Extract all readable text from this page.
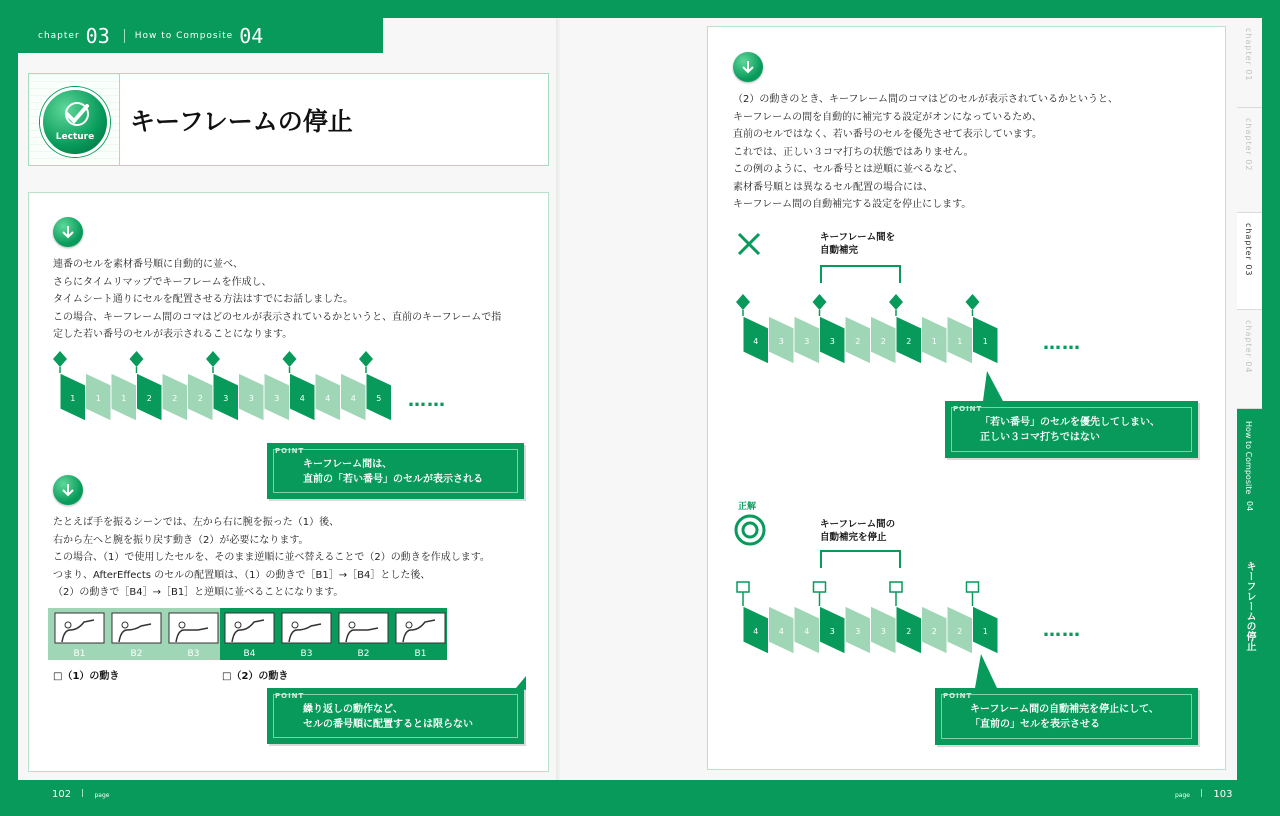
chapter 03	How to Composite 04
Lecture
キーフレームの停止
連番のセルを素材番号順に自動的に並べ、
さらにタイムリマップでキーフレームを作成し、
タイムシート通りにセルを配置させる方法はすでにお話しました。
この場合、キーフレーム間のコマはどのセルが表示されているかというと、直前のキーフレームで指
定した若い番号のセルが表示されることになります。
1	1	1	2	2	2	3	3	3	4	4	4	5 ……
POINT
キーフレーム間は、
直前の「若い番号」のセルが表示される
たとえば手を振るシーンでは、左から右に腕を振った（1）後、
右から左へと腕を振り戻す動き（2）が必要になります。
この場合、（1）で使用したセルを、そのまま逆順に並べ替えることで（2）の動きを作成します。
つまり、AfterEffects のセルの配置順は、（1）の動きで［B1］→［B4］とした後、
（2）の動きで［B4］→［B1］と逆順に並べることになります。
B1	B2	B3	B4	B3	B2	B1
□（1）の動き	□（2）の動き
POINT
繰り返しの動作など、
セルの番号順に配置するとは限らない
（2）の動きのとき、キーフレーム間のコマはどのセルが表示されているかというと、
キーフレームの間を自動的に補完する設定がオンになっているため、
直前のセルではなく、若い番号のセルを優先させて表示しています。
これでは、正しい３コマ打ちの状態ではありません。
この例のように、セル番号とは逆順に並べるなど、
素材番号順とは異なるセル配置の場合には、
キーフレーム間の自動補完する設定を停止にします。
キーフレーム間を
自動補完
4	3	3	3	2	2	2	1	1	1	……
POINT
「若い番号」のセルを優先してしまい、
正しい３コマ打ちではない
正解
キーフレーム間の
自動補完を停止
4	4	4	3	3	3	2	2	2	1	……
POINT
キーフレーム間の自動補完を停止にして、
「直前の」セルを表示させる
chapter 01
chapter 02
chapter 03
chapter 04
How to Composite
04
キーフレームの停止
102	page	page 103
